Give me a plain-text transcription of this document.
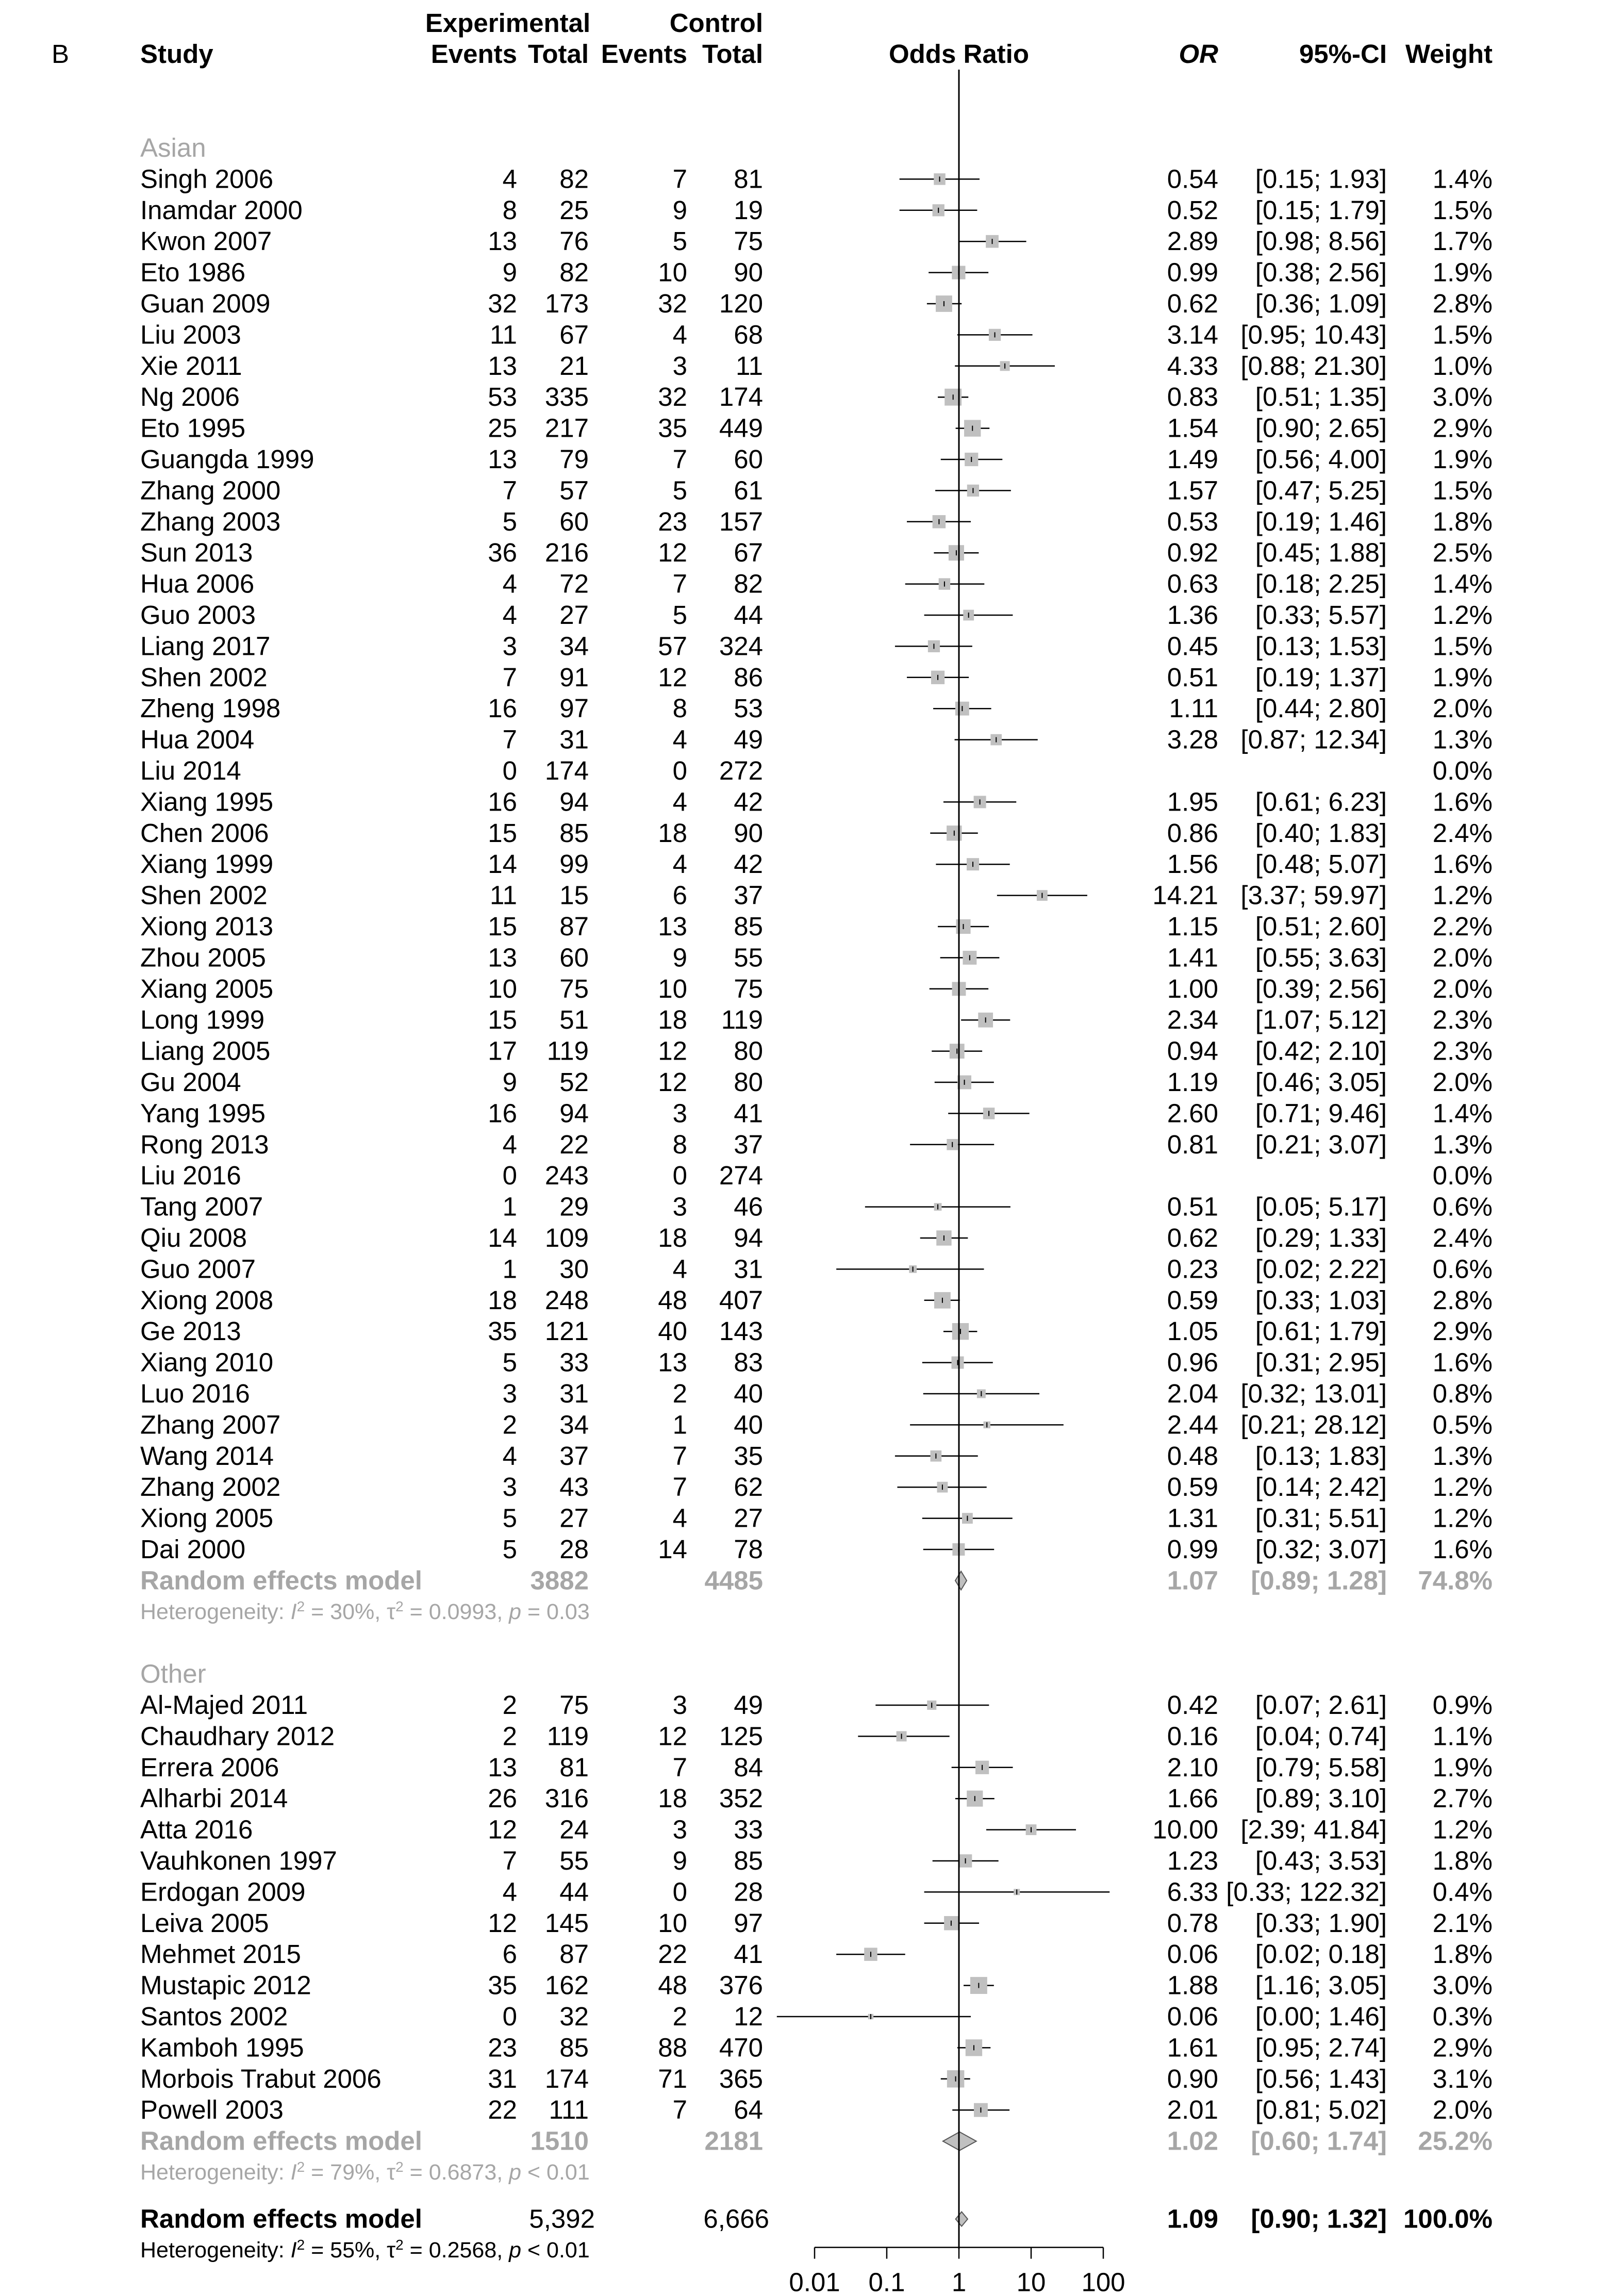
B	Study
Experimental	Control
Events Total Events Total	Odds Ratio	OR	95%-CI Weight
Asian
Singh 2006	4 82	7 81	0.54 [0.15; 1.93] 1.4%
Inamdar 2000	8 25	9 19	0.52 [0.15; 1.79] 1.5%
Kwon 2007	13 76	5 75	2.89 [0.98; 8.56] 1.7%
Eto 1986	9 82	10 90	0.99 [0.38; 2.56] 1.9%
Guan 2009	32 173	32 120	0.62 [0.36; 1.09] 2.8%
Liu 2003	11 67	4 68	3.14 [0.95; 10.43] 1.5%
Xie 2011	13 21	3 11	4.33 [0.88; 21.30] 1.0%
Ng 2006	53 335	32 174	0.83 [0.51; 1.35] 3.0%
Eto 1995	25 217	35 449	1.54 [0.90; 2.65] 2.9%
Guangda 1999	13 79	7 60	1.49 [0.56; 4.00] 1.9%
Zhang 2000	7 57	5 61	1.57 [0.47; 5.25] 1.5%
Zhang 2003	5 60	23 157	0.53 [0.19; 1.46] 1.8%
Sun 2013	36 216	12 67	0.92 [0.45; 1.88] 2.5%
Hua 2006	4 72	7 82	0.63 [0.18; 2.25] 1.4%
Guo 2003	4 27	5 44	1.36 [0.33; 5.57] 1.2%
Liang 2017	3 34	57 324	0.45 [0.13; 1.53] 1.5%
Shen 2002	7 91	12 86	0.51 [0.19; 1.37] 1.9%
Zheng 1998	16 97	8 53	1.11 [0.44; 2.80] 2.0%
Hua 2004	7 31	4 49	3.28 [0.87; 12.34] 1.3%
Liu 2014	0 174	0 272	0.0%
Xiang 1995	16 94	4 42	1.95 [0.61; 6.23] 1.6%
Chen 2006	15 85	18 90	0.86 [0.40; 1.83] 2.4%
Xiang 1999	14 99	4 42	1.56 [0.48; 5.07] 1.6%
Shen 2002	11 15	6 37	14.21 [3.37; 59.97] 1.2%
Xiong 2013	15 87	13 85	1.15 [0.51; 2.60] 2.2%
Zhou 2005	13 60	9 55	1.41 [0.55; 3.63] 2.0%
Xiang 2005	10 75	10 75	1.00 [0.39; 2.56] 2.0%
Long 1999	15 51	18 119	2.34 [1.07; 5.12] 2.3%
Liang 2005	17 119	12 80	0.94 [0.42; 2.10] 2.3%
Gu 2004	9 52	12 80	1.19 [0.46; 3.05] 2.0%
Yang 1995	16 94	3 41	2.60 [0.71; 9.46] 1.4%
Rong 2013	4 22	8 37	0.81 [0.21; 3.07] 1.3%
Liu 2016	0 243	0 274	0.0%
Tang 2007	1 29	3 46	0.51 [0.05; 5.17] 0.6%
Qiu 2008	14 109	18 94	0.62 [0.29; 1.33] 2.4%
Guo 2007	1 30	4 31	0.23 [0.02; 2.22] 0.6%
Xiong 2008	18 248	48 407	0.59 [0.33; 1.03] 2.8%
Ge 2013	35 121	40 143	1.05 [0.61; 1.79] 2.9%
Xiang 2010	5 33	13 83	0.96 [0.31; 2.95] 1.6%
Luo 2016	3 31	2 40	2.04 [0.32; 13.01] 0.8%
Zhang 2007	2 34	1 40	2.44 [0.21; 28.12] 0.5%
Wang 2014	4 37	7 35	0.48 [0.13; 1.83] 1.3%
Zhang 2002	3 43	7 62	0.59 [0.14; 2.42] 1.2%
Xiong 2005	5 27	4 27	1.31 [0.31; 5.51] 1.2%
Dai 2000	5 28	14 78	0.99 [0.32; 3.07] 1.6%
Random effects model	3882	4485	1.07 [0.89; 1.28] 74.8%
Heterogeneity: $I^2 = 30\%$, $\tau^2 = 0.0993$, p = 0.03
Other
Al-Majed 2011	2 75	3 49	0.42 [0.07; 2.61] 0.9%
Chaudhary 2012	2 119	12 125	0.16 [0.04; 0.74] 1.1%
Errera 2006	13 81	7 84	2.10 [0.79; 5.58] 1.9%
Alharbi 2014	26 316	18 352	1.66 [0.89; 3.10] 2.7%
Atta 2016	12 24	3 33	10.00 [2.39; 41.84] 1.2%
Vauhkonen 1997	7 55	9 85	1.23 [0.43; 3.53] 1.8%
Erdogan 2009	4 44	0 28	6.33 [0.33; 122.32] 0.4%
Leiva 2005	12 145	10 97	0.78 [0.33; 1.90] 2.1%
Mehmet 2015	6 87	22 41	0.06 [0.02; 0.18] 1.8%
Mustapic 2012	35 162	48 376	1.88 [1.16; 3.05] 3.0%
Santos 2002	0 32	2 12	0.06 [0.00; 1.46] 0.3%
Kamboh 1995	23 85	88 470	1.61 [0.95; 2.74] 2.9%
Morbois Trabut 2006	31 174	71 365	0.90 [0.56; 1.43] 3.1%
Powell 2003	22 111	7 64	2.01 [0.81; 5.02] 2.0%
Random effects model	1510	2181	1.02 [0.60; 1.74] 25.2%
Heterogeneity: $I^2 = 79\%$, $\tau^2 = 0.6873$, p < 0.01
Random effects model	5,392	6,666	1.09 [0.90; 1.32] 100.0%
Heterogeneity: $I^2 = 55\%$, $\tau^2 = 0.2568$, p < 0.01
0.01 0.1 1 10 100
